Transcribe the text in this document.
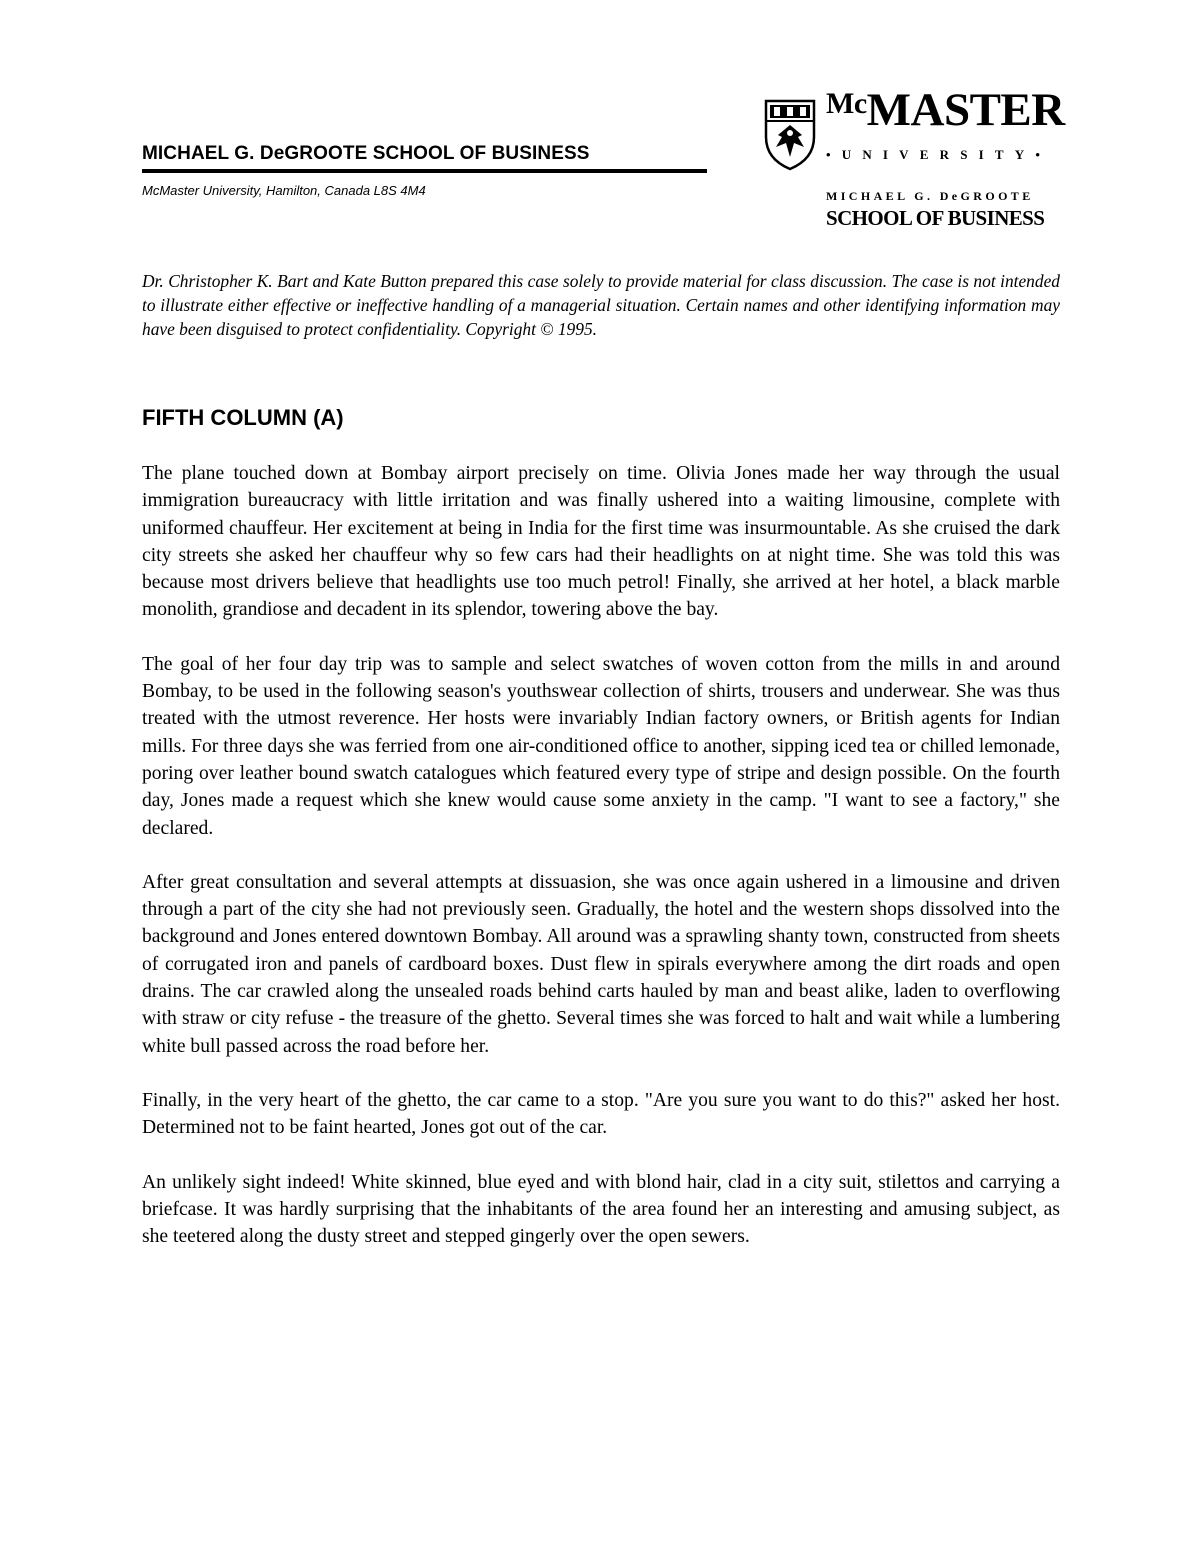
MICHAEL G. DeGROOTE SCHOOL OF BUSINESS
McMaster University, Hamilton, Canada L8S 4M4
$^{Mc}$MASTER
•UNIVERSITY•
MICHAEL G. DeGROOTE
SCHOOL OF BUSINESS

Dr. Christopher K. Bart and Kate Button prepared this case solely to provide material for class discussion. The case is not intended to illustrate either effective or ineffective handling of a managerial situation. Certain names and other identifying information may have been disguised to protect confidentiality. Copyright © 1995.

FIFTH COLUMN (A)

The plane touched down at Bombay airport precisely on time. Olivia Jones made her way through the usual immigration bureaucracy with little irritation and was finally ushered into a waiting limousine, complete with uniformed chauffeur. Her excitement at being in India for the first time was insurmountable. As she cruised the dark city streets she asked her chauffeur why so few cars had their headlights on at night time. She was told this was because most drivers believe that headlights use too much petrol! Finally, she arrived at her hotel, a black marble monolith, grandiose and decadent in its splendor, towering above the bay.

The goal of her four day trip was to sample and select swatches of woven cotton from the mills in and around Bombay, to be used in the following season's youthswear collection of shirts, trousers and underwear. She was thus treated with the utmost reverence. Her hosts were invariably Indian factory owners, or British agents for Indian mills. For three days she was ferried from one air-conditioned office to another, sipping iced tea or chilled lemonade, poring over leather bound swatch catalogues which featured every type of stripe and design possible. On the fourth day, Jones made a request which she knew would cause some anxiety in the camp. "I want to see a factory," she declared.

After great consultation and several attempts at dissuasion, she was once again ushered in a limousine and driven through a part of the city she had not previously seen. Gradually, the hotel and the western shops dissolved into the background and Jones entered downtown Bombay. All around was a sprawling shanty town, constructed from sheets of corrugated iron and panels of cardboard boxes. Dust flew in spirals everywhere among the dirt roads and open drains. The car crawled along the unsealed roads behind carts hauled by man and beast alike, laden to overflowing with straw or city refuse - the treasure of the ghetto. Several times she was forced to halt and wait while a lumbering white bull passed across the road before her.

Finally, in the very heart of the ghetto, the car came to a stop. "Are you sure you want to do this?" asked her host. Determined not to be faint hearted, Jones got out of the car.

An unlikely sight indeed! White skinned, blue eyed and with blond hair, clad in a city suit, stilettos and carrying a briefcase. It was hardly surprising that the inhabitants of the area found her an interesting and amusing subject, as she teetered along the dusty street and stepped gingerly over the open sewers.
